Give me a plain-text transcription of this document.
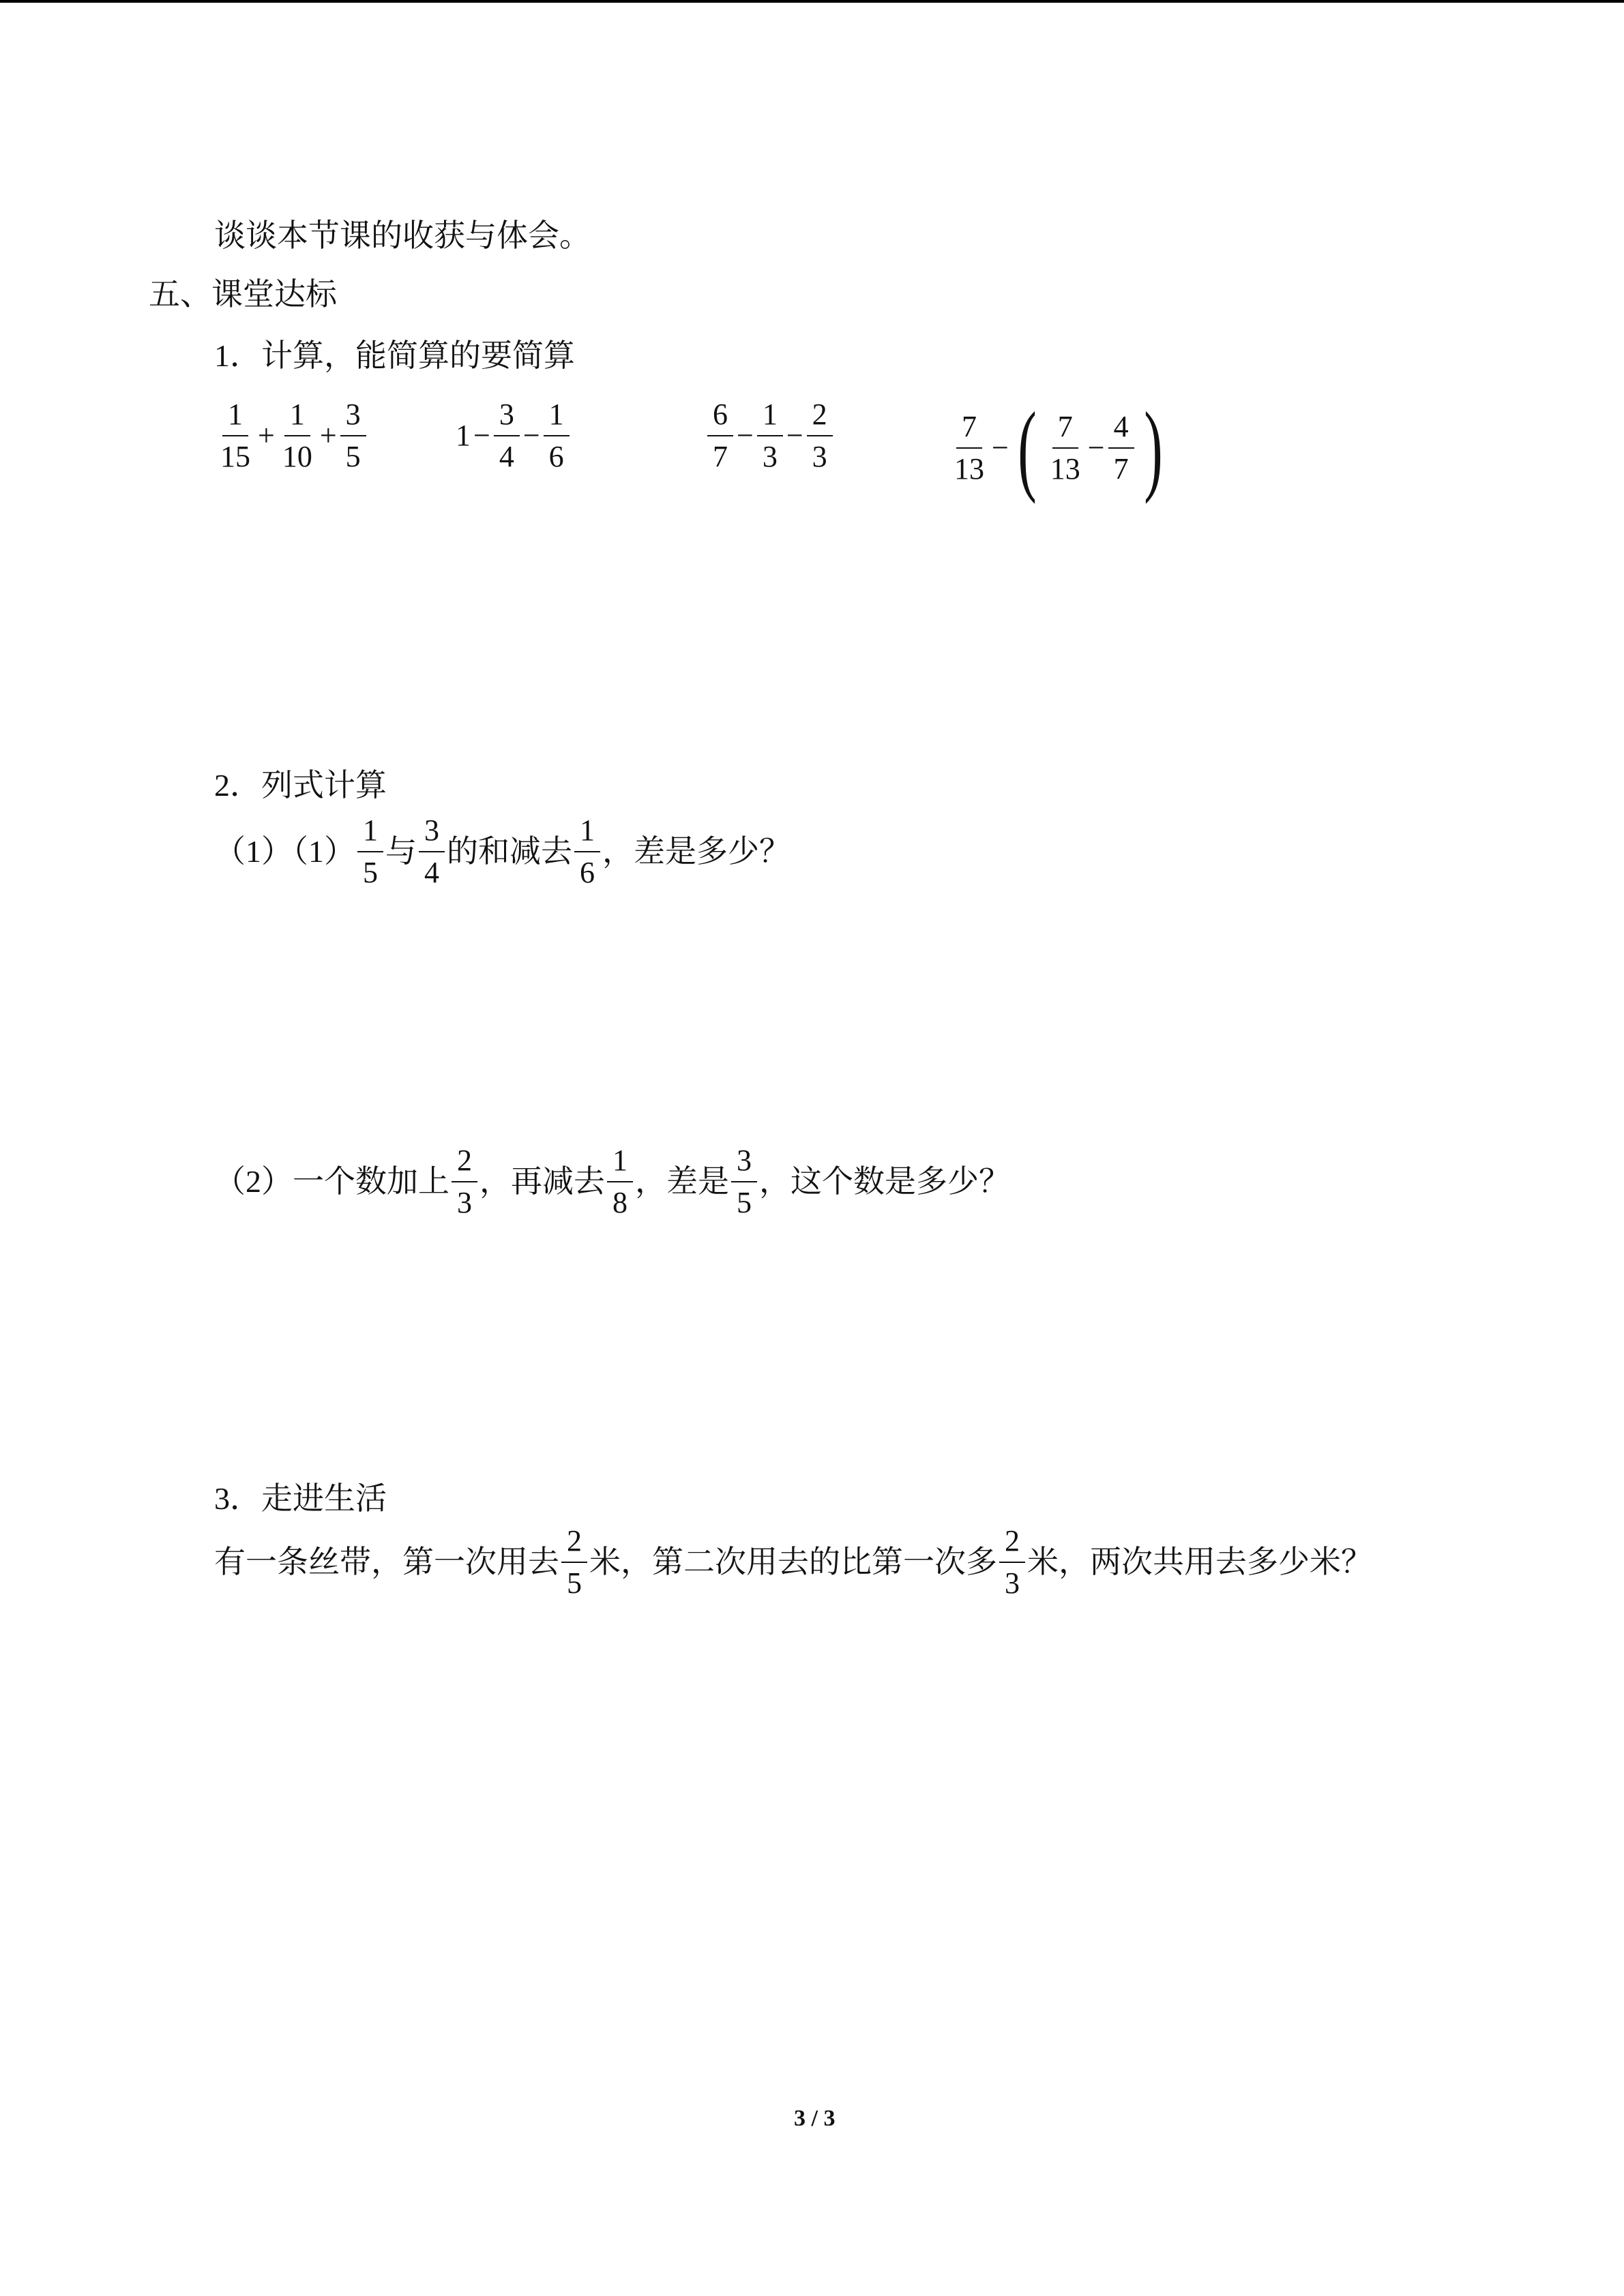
谈谈本节课的收获与体会。
五、课堂达标
1．计算，能简算的要简算
$\frac{1}{15} + \frac{1}{10} + \frac{3}{5}$	$1 - \frac{3}{4} - \frac{1}{6}$	$\frac{6}{7} - \frac{1}{3} - \frac{2}{3}$	$\frac{7}{13}$ − ( $\frac{7}{13} - \frac{4}{7}$ )
2．列式计算
$(1)(1) \frac{1}{5}$ 与 $\frac{3}{4}$ 的和减去 $\frac{1}{6}$ ，差是多少？
（2）一个数加上 $\frac{2}{3}$ ，再减去 $\frac{1}{8}$ ，差是 $\frac{3}{5}$ ，这个数是多少？
3．走进生活
有一条丝带，第一次用去 $\frac{2}{5}$ 米，第二次用去的比第一次多 $\frac{2}{3}$ 米，两次共用去多少米？
3 / 3
